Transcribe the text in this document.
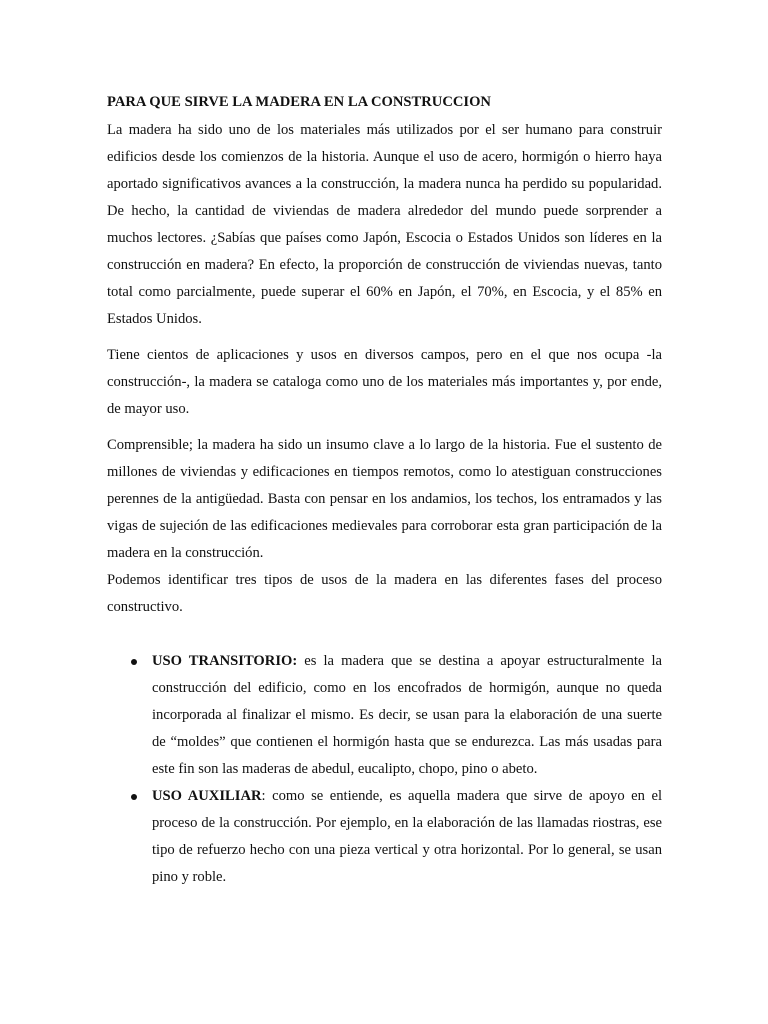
PARA QUE SIRVE LA MADERA EN LA CONSTRUCCION

La madera ha sido uno de los materiales más utilizados por el ser humano para construir edificios desde los comienzos de la historia. Aunque el uso de acero, hormigón o hierro haya aportado significativos avances a la construcción, la madera nunca ha perdido su popularidad. De hecho, la cantidad de viviendas de madera alrededor del mundo puede sorprender a muchos lectores. ¿Sabías que países como Japón, Escocia o Estados Unidos son líderes en la construcción en madera? En efecto, la proporción de construcción de viviendas nuevas, tanto total como parcialmente, puede superar el 60% en Japón, el 70%, en Escocia, y el 85% en Estados Unidos.

Tiene cientos de aplicaciones y usos en diversos campos, pero en el que nos ocupa -la construcción-, la madera se cataloga como uno de los materiales más importantes y, por ende, de mayor uso.

Comprensible; la madera ha sido un insumo clave a lo largo de la historia. Fue el sustento de millones de viviendas y edificaciones en tiempos remotos, como lo atestiguan construcciones perennes de la antigüedad. Basta con pensar en los andamios, los techos, los entramados y las vigas de sujeción de las edificaciones medievales para corroborar esta gran participación de la madera en la construcción.

Podemos identificar tres tipos de usos de la madera en las diferentes fases del proceso constructivo.

USO TRANSITORIO: es la madera que se destina a apoyar estructuralmente la construcción del edificio, como en los encofrados de hormigón, aunque no queda incorporada al finalizar el mismo. Es decir, se usan para la elaboración de una suerte de “moldes” que contienen el hormigón hasta que se endurezca. Las más usadas para este fin son las maderas de abedul, eucalipto, chopo, pino o abeto.
USO AUXILIAR: como se entiende, es aquella madera que sirve de apoyo en el proceso de la construcción. Por ejemplo, en la elaboración de las llamadas riostras, ese tipo de refuerzo hecho con una pieza vertical y otra horizontal. Por lo general, se usan pino y roble.
